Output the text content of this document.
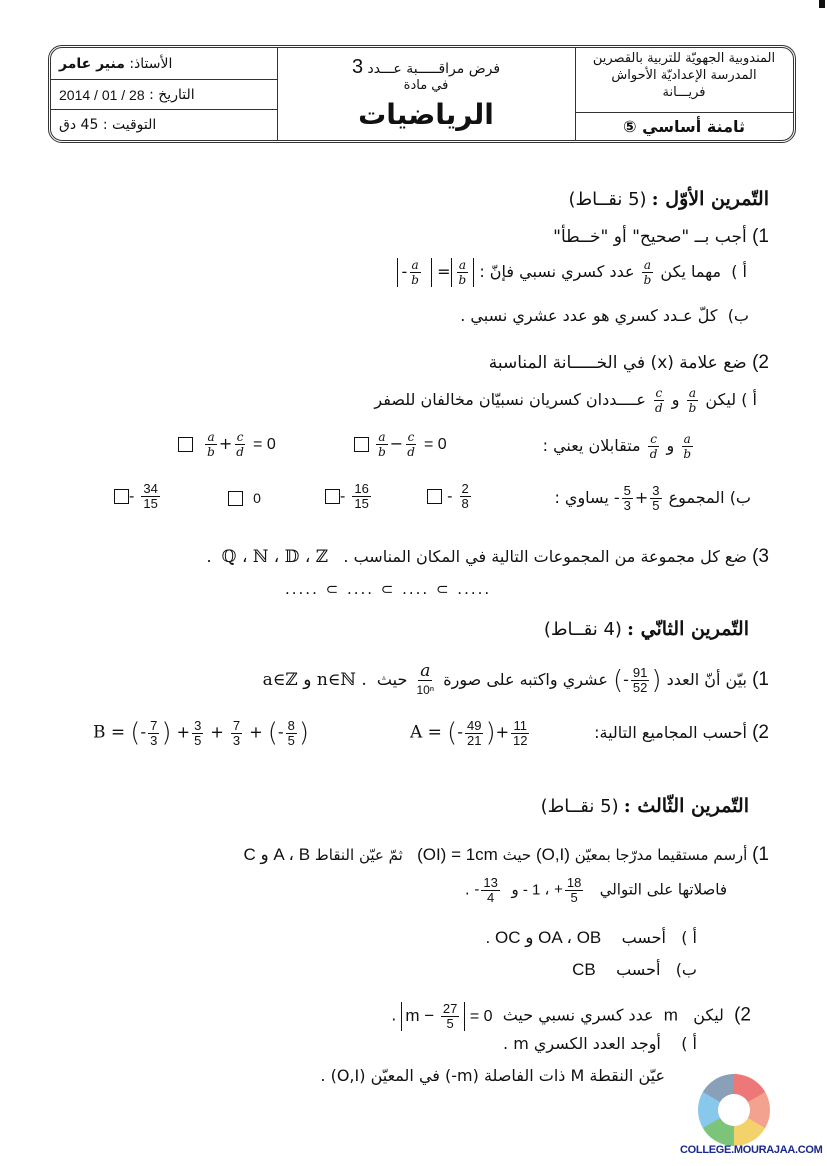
الأستاذ:

منير عامر
التاريخ :

2014 / 01 / 28
التوقيت :

45 دق
فرض مراقـــــبة عـــدد 3
في مادة
الرياضيات
المندوبية الجهويّة للتربية بالقصرين
المدرسة الإعداديّة الأحواش
فريـــانة
ثامنة أساسي ⑤
التّمرين الأوّل : (5 نقــاط)
1) أجب بــ "صحيح" أو "خــطأ"
أ )  مهما يكن
$\frac{a}{b}$
عدد كسري نسبي فإنّ : - $\frac{a}{b} = \frac{a}{b}$
ب)  كلّ عـدد كسري هو عدد عشري نسبي .
2) ضع علامة (x) في الخـــــانة المناسبة
أ ) ليكن
$\frac{a}{b}$
و
$\frac{c}{d}$
عــــددان كسريان نسبيّان مخالفان للصفر
$\frac{a}{b}$
و
$\frac{c}{d}$
متقابلان يعني :

$\frac{a}{b} - \frac{c}{d} = 0$

$\frac{a}{b} + \frac{c}{d} = 0$
ب) المجموع - $\frac{5}{3} + \frac{3}{5}$
يساوي :
- $\frac{2}{8}$
- $\frac{16}{15}$
0
- $\frac{34}{15}$
3) ضع كل مجموعة من المجموعات التالية في المكان المناسب .   ℚ ، ℕ ، 𝔻 ، ℤ  .
..... ⊂ .... ⊂ .... ⊂ .....
التّمرين الثانّي : (4 نقــاط)
1) بيّن أنّ العدد (- $\frac{91}{52}$ ) عشري واكتبه على صورة
$\frac{a}{\text{10ⁿ}}$
حيث  a∈ℤ و n∈ℕ .
2) أحسب المجاميع التالية:
A = (- $\frac{49}{21}$ )+ $\frac{11}{12}$
B = (- $\frac{7}{3}$ ) + $\frac{3}{5} + \frac{7}{3}$ + (- $\frac{8}{5}$ )
التّمرين الثّالث : (5 نقــاط)
1) أرسم مستقيما مدرّجا بمعيّن (O,I) حيث (OI) = 1cm   ثمّ عيّن النقاط A ، B و C
فاصلاتها على التوالي   + $\frac{18}{5}$
، 1 - و  - $\frac{13}{4}$
.
أ )   أحسب    OA ، OB و OC .
ب)   أحسب    CB
2)  ليكن   m  عدد كسري نسبي حيث  $m - \frac{27}{5} = 0$ .
أ )    أوجد العدد الكسري m .
عيّن النقطة M ذات الفاصلة (m-) في المعيّن (O,I) .
COLLEGE.MOURAJAA.COM
